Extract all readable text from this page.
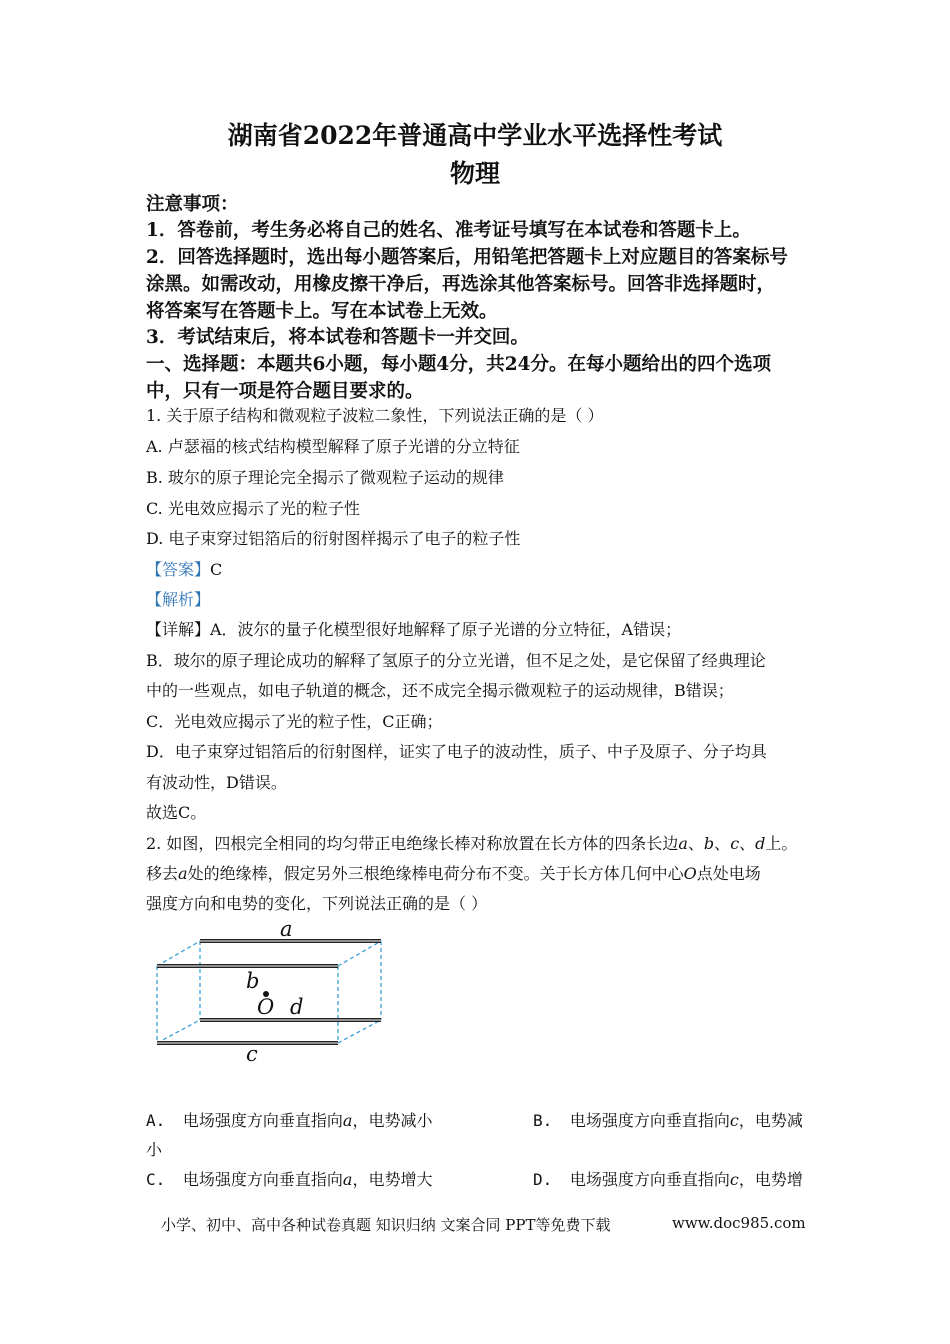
湖南省2022年普通高中学业水平选择性考试
物理
注意事项：
1．答卷前，考生务必将自己的姓名、准考证号填写在本试卷和答题卡上。
2．回答选择题时，选出每小题答案后，用铅笔把答题卡上对应题目的答案标号
涂黑。如需改动，用橡皮擦干净后，再选涂其他答案标号。回答非选择题时，
将答案写在答题卡上。写在本试卷上无效。
3．考试结束后，将本试卷和答题卡一并交回。
一、选择题：本题共6小题，每小题4分，共24分。在每小题给出的四个选项
中，只有一项是符合题目要求的。
1. 关于原子结构和微观粒子波粒二象性，下列说法正确的是（ ）
A. 卢瑟福的核式结构模型解释了原子光谱的分立特征
B. 玻尔的原子理论完全揭示了微观粒子运动的规律
C. 光电效应揭示了光的粒子性
D. 电子束穿过铝箔后的衍射图样揭示了电子的粒子性
【答案】C
【解析】
【详解】A．波尔的量子化模型很好地解释了原子光谱的分立特征，A错误；
B．玻尔的原子理论成功的解释了氢原子的分立光谱，但不足之处，是它保留了经典理论
中的一些观点，如电子轨道的概念，还不成完全揭示微观粒子的运动规律，B错误；
C．光电效应揭示了光的粒子性，C正确；
D．电子束穿过铝箔后的衍射图样，证实了电子的波动性，质子、中子及原子、分子均具
有波动性，D错误。
故选C。
2. 如图，四根完全相同的均匀带正电绝缘长棒对称放置在长方体的四条长边a、b、c、d上。
移去a处的绝缘棒，假定另外三根绝缘棒电荷分布不变。关于长方体几何中心O点处电场
强度方向和电势的变化，下列说法正确的是（ ）
a
b
O d
c
A. 电场强度方向垂直指向a，电势减小	B. 电场强度方向垂直指向c，电势减
小
C. 电场强度方向垂直指向a，电势增大	D. 电场强度方向垂直指向c，电势增
小学、初中、高中各种试卷真题 知识归纳 文案合同 PPT等免费下载	www.doc985.com
